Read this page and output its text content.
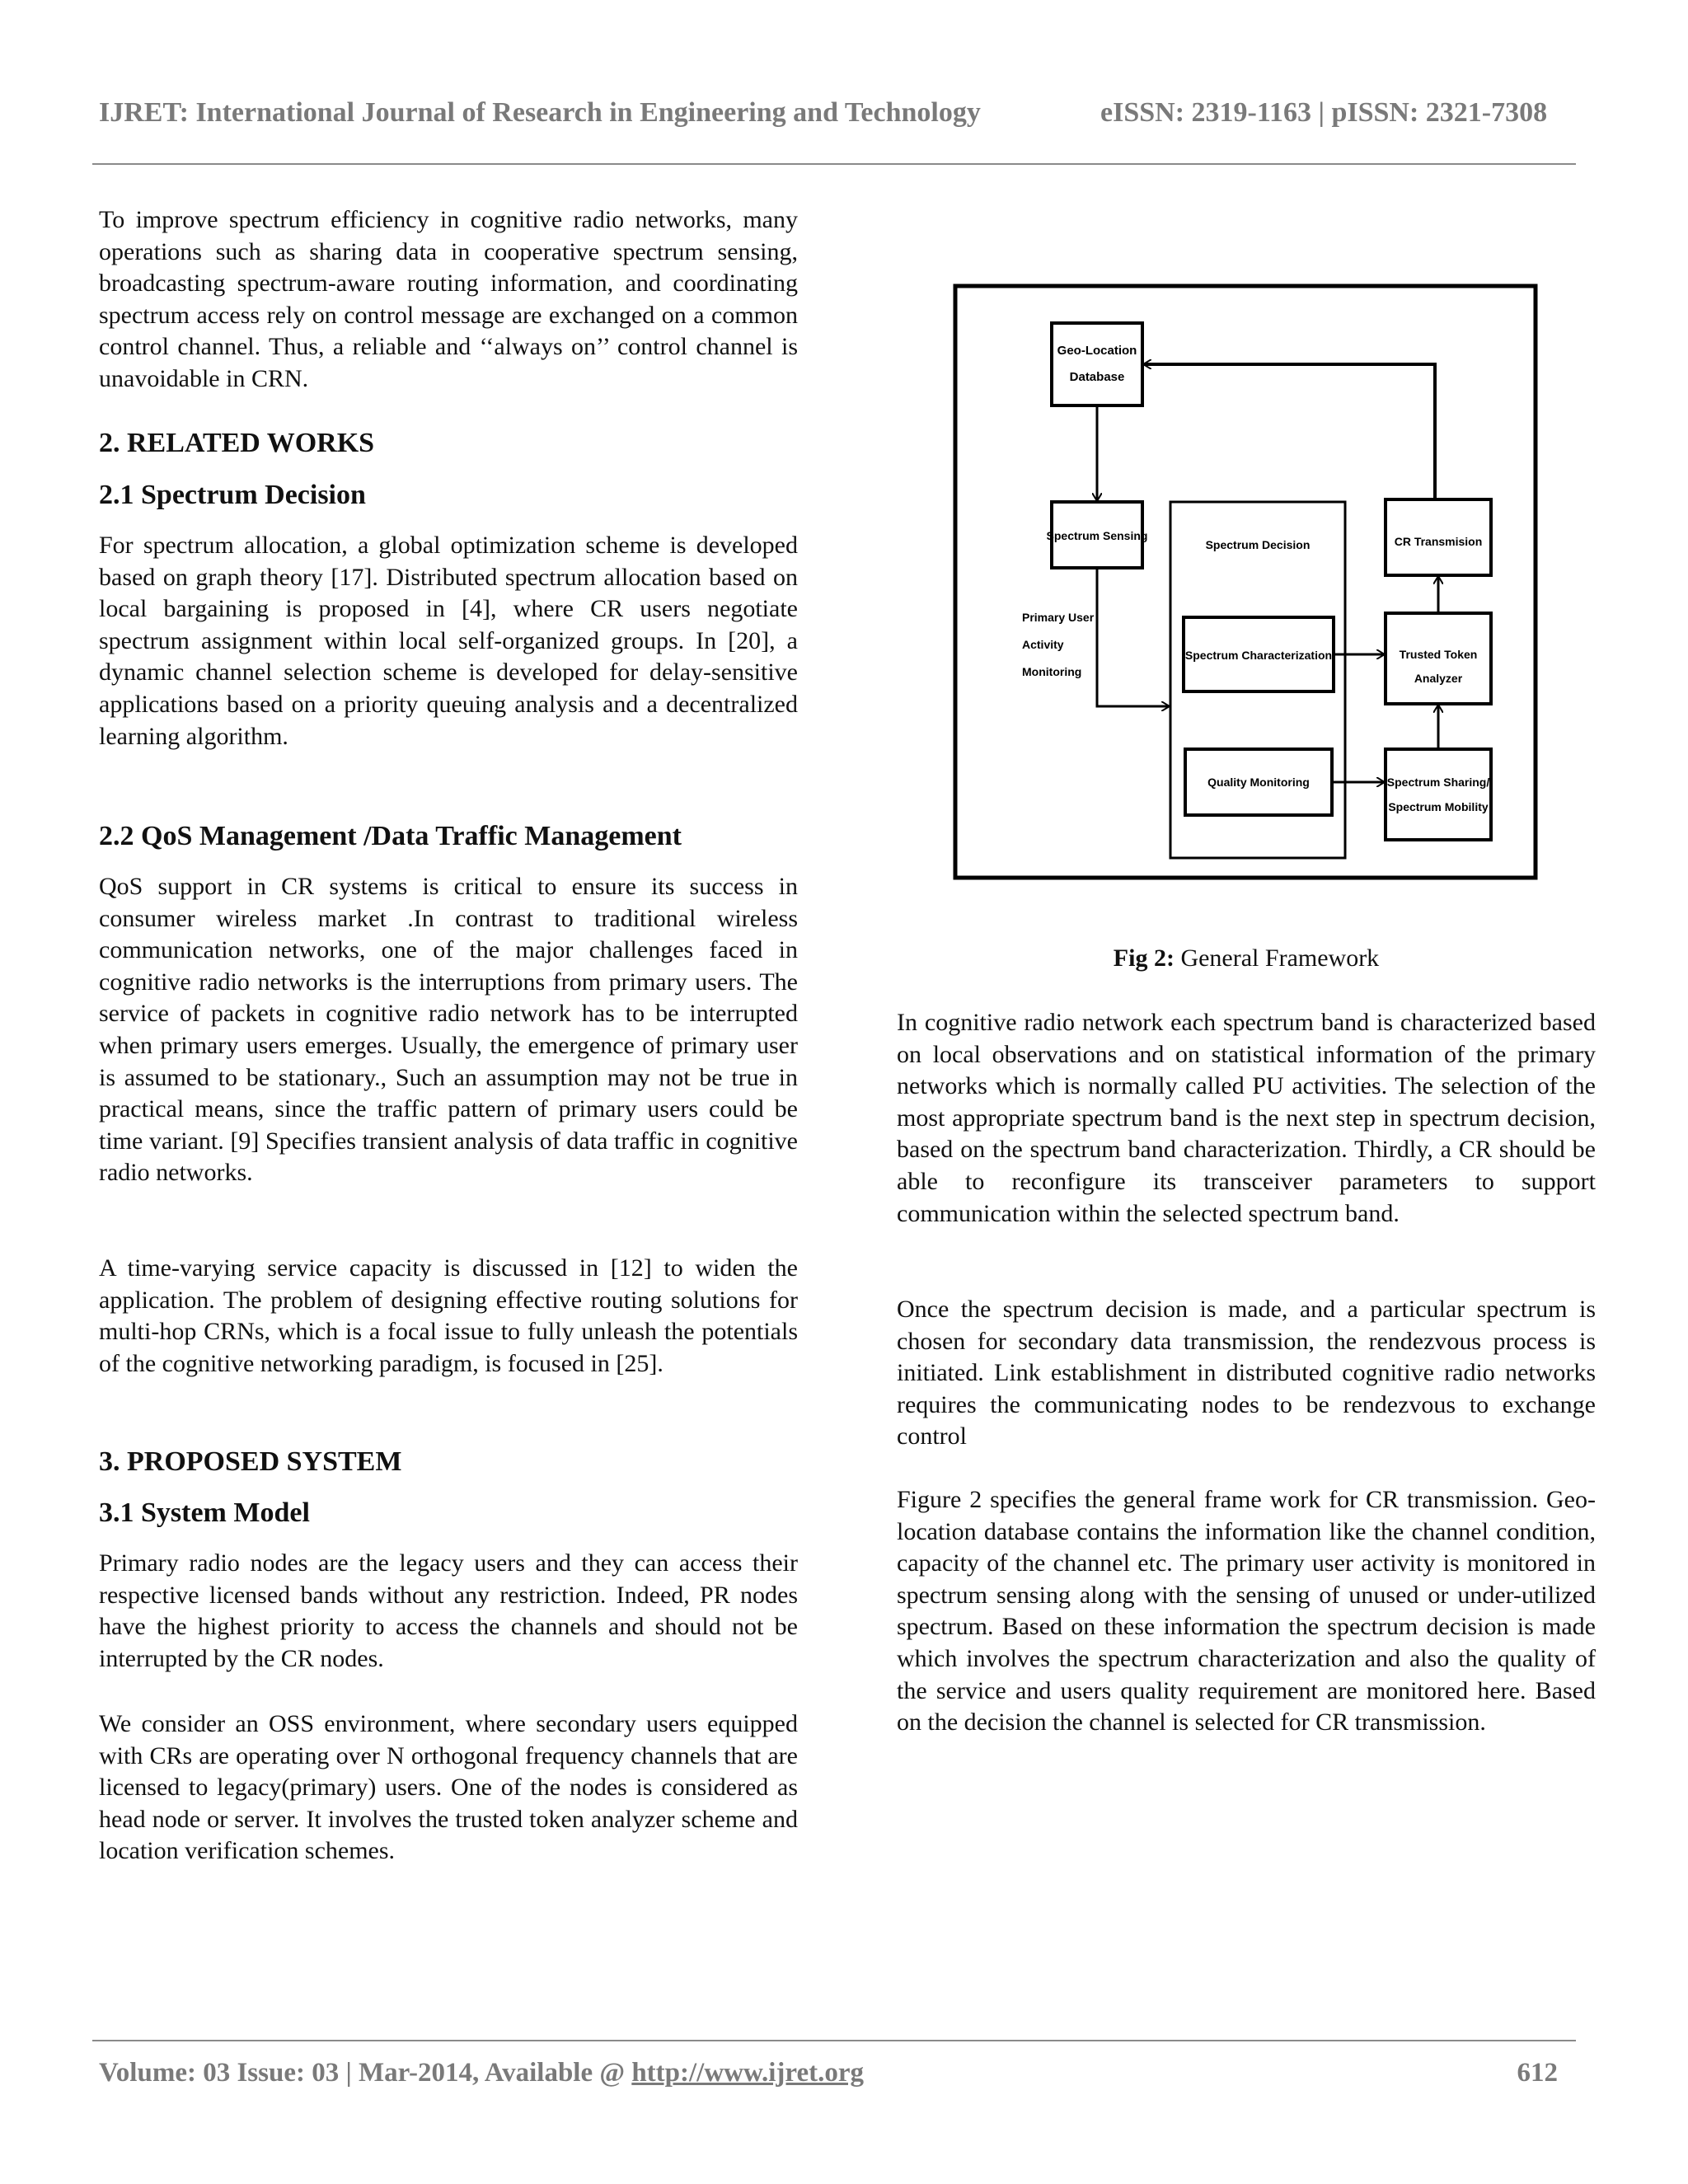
IJRET: International Journal of Research in Engineering and Technology	eISSN: 2319-1163 | pISSN: 2321-7308

To improve spectrum efficiency in cognitive radio networks, many operations such as sharing data in cooperative spectrum sensing, broadcasting spectrum-aware routing information, and coordinating spectrum access rely on control message are exchanged on a common control channel. Thus, a reliable and ‘‘always on’’ control channel is unavoidable in CRN.

2. RELATED WORKS
2.1 Spectrum Decision

For spectrum allocation, a global optimization scheme is developed based on graph theory [17]. Distributed spectrum allocation based on local bargaining is proposed in [4], where CR users negotiate spectrum assignment within local self-organized groups. In [20], a dynamic channel selection scheme is developed for delay-sensitive applications based on a priority queuing analysis and a decentralized learning algorithm.

2.2 QoS Management /Data Traffic Management

QoS support in CR systems is critical to ensure its success in consumer wireless market .In contrast to traditional wireless communication networks, one of the major challenges faced in cognitive radio networks is the interruptions from primary users. The service of packets in cognitive radio network has to be interrupted when primary users emerges. Usually, the emergence of primary user is assumed to be stationary., Such an assumption may not be true in practical means, since the traffic pattern of primary users could be time variant. [9] Specifies transient analysis of data traffic in cognitive radio networks.

A time-varying service capacity is discussed in [12] to widen the application. The problem of designing effective routing solutions for multi-hop CRNs, which is a focal issue to fully unleash the potentials of the cognitive networking paradigm, is focused in [25].

3. PROPOSED SYSTEM
3.1 System Model

Primary radio nodes are the legacy users and they can access their respective licensed bands without any restriction. Indeed, PR nodes have the highest priority to access the channels and should not be interrupted by the CR nodes.

We consider an OSS environment, where secondary users equipped with CRs are operating over N orthogonal frequency channels that are licensed to legacy(primary) users. One of the nodes is considered as head node or server. It involves the trusted token analyzer scheme and location verification schemes.

Geo-Location
Database
Spectrum Sensing
Spectrum Decision
Spectrum Characterization
Quality Monitoring
CR Transmision
Trusted Token
Analyzer
Spectrum Sharing/
Spectrum Mobility
Primary User
Activity
Monitoring
Fig 2: General Framework

In cognitive radio network each spectrum band is characterized based on local observations and on statistical information of the primary networks which is normally called PU activities. The selection of the most appropriate spectrum band is the next step in spectrum decision, based on the spectrum band characterization. Thirdly, a CR should be able to reconfigure its transceiver parameters to support communication within the selected spectrum band.

Once the spectrum decision is made, and a particular spectrum is chosen for secondary data transmission, the rendezvous process is initiated. Link establishment in distributed cognitive radio networks requires the communicating nodes to be rendezvous to exchange control

Figure 2 specifies the general frame work for CR transmission. Geo-location database contains the information like the channel condition, capacity of the channel etc. The primary user activity is monitored in spectrum sensing along with the sensing of unused or under-utilized spectrum. Based on these information the spectrum decision is made which involves the spectrum characterization and also the quality of the service and users quality requirement are monitored here. Based on the decision the channel is selected for CR transmission.

Volume: 03 Issue: 03 | Mar-2014, Available @ http://www.ijret.org	612
